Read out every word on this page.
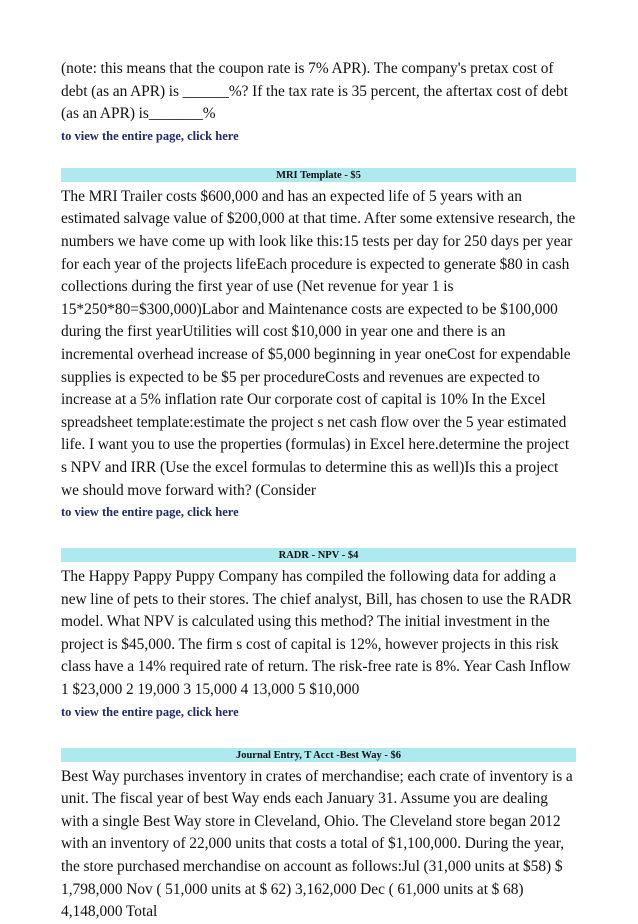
(note: this means that the coupon rate is 7% APR). The company's pretax cost of debt (as an APR) is ______%? If the tax rate is 35 percent, the aftertax cost of debt (as an APR) is_______%

to view the entire page, click here
MRI Template - $5

The MRI Trailer costs $600,000 and has an expected life of 5 years with an estimated salvage value of $200,000 at that time. After some extensive research, the numbers we have come up with look like this:15 tests per day for 250 days per year for each year of the projects lifeEach procedure is expected to generate $80 in cash collections during the first year of use (Net revenue for year 1 is 15*250*80=$300,000)Labor and Maintenance costs are expected to be $100,000 during the first yearUtilities will cost $10,000 in year one and there is an incremental overhead increase of $5,000 beginning in year oneCost for expendable supplies is expected to be $5 per procedureCosts and revenues are expected to increase at a 5% inflation rate Our corporate cost of capital is 10% In the Excel spreadsheet template:estimate the project s net cash flow over the 5 year estimated life. I want you to use the properties (formulas) in Excel here.determine the project s NPV and IRR (Use the excel formulas to determine this as well)Is this a project we should move forward with? (Consider

to view the entire page, click here
RADR - NPV - $4

The Happy Pappy Puppy Company has compiled the following data for adding a new line of pets to their stores. The chief analyst, Bill, has chosen to use the RADR model. What NPV is calculated using this method? The initial investment in the project is $45,000. The firm s cost of capital is 12%, however projects in this risk class have a 14% required rate of return. The risk-free rate is 8%. Year Cash Inflow 1 $23,000 2 19,000 3 15,000 4 13,000 5 $10,000

to view the entire page, click here
Journal Entry, T Acct -Best Way - $6

Best Way purchases inventory in crates of merchandise; each crate of inventory is a unit. The fiscal year of best Way ends each January 31. Assume you are dealing with a single Best Way store in Cleveland, Ohio. The Cleveland store began 2012 with an inventory of 22,000 units that costs a total of $1,100,000. During the year, the store purchased merchandise on account as follows:Jul (31,000 units at $58) $ 1,798,000 Nov ( 51,000 units at $ 62) 3,162,000 Dec ( 61,000 units at $ 68) 4,148,000 Total
